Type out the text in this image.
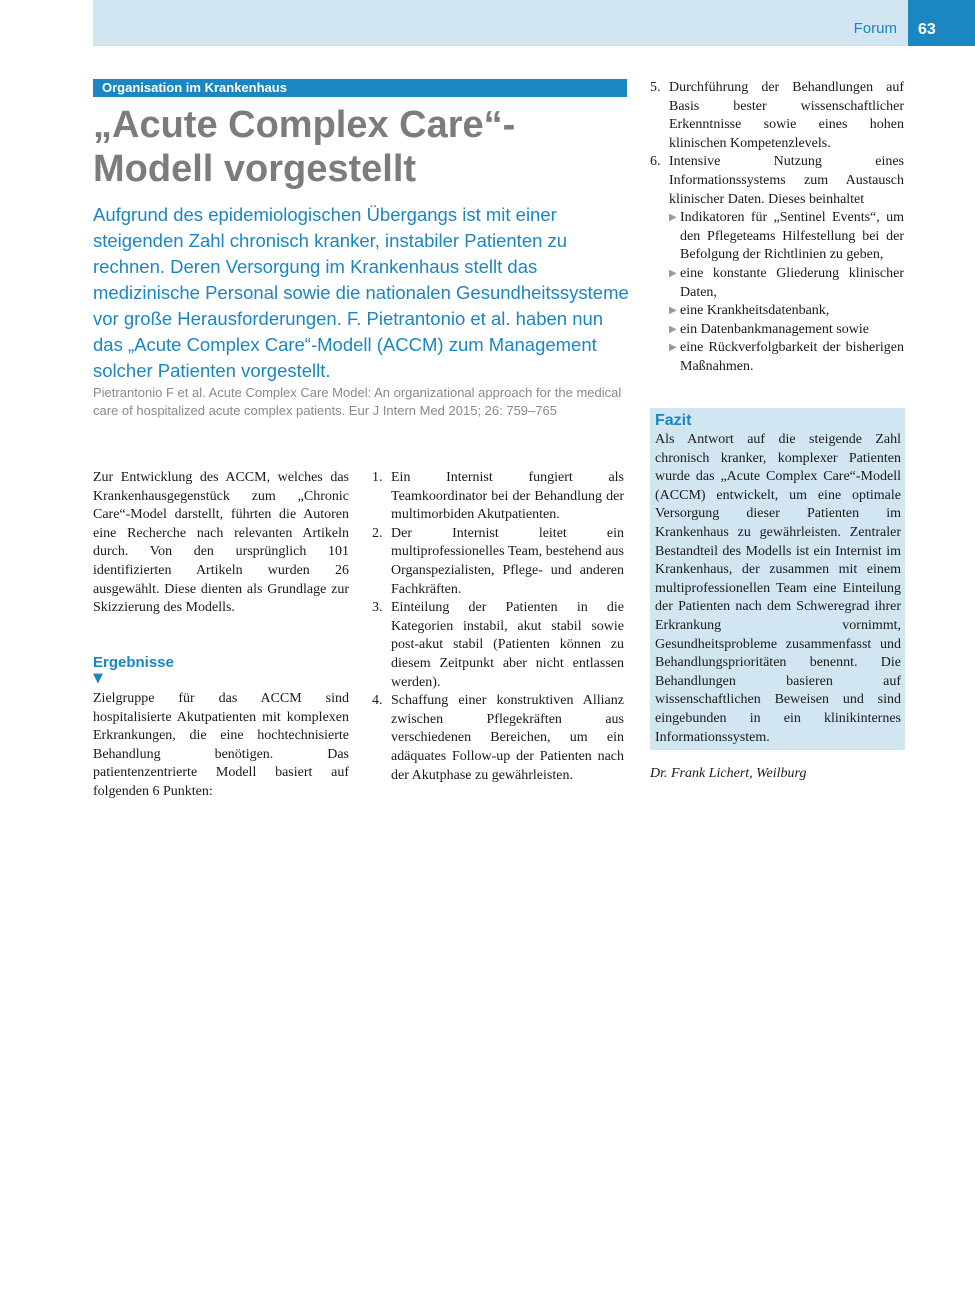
Forum	63
Organisation im Krankenhaus
„Acute Complex Care“-Modell vorgestellt

Aufgrund des epidemiologischen Übergangs ist mit einer steigenden Zahl chronisch kranker, instabiler Patienten zu rechnen. Deren Versorgung im Krankenhaus stellt das medizinische Personal sowie die nationalen Gesundheitssysteme vor große Herausforderungen. F. Pietrantonio et al. haben nun das „Acute Complex Care“-Modell (ACCM) zum Management solcher Patienten vorgestellt.

Pietrantonio F et al. Acute Complex Care Model: An organizational approach for the medical care of hospitalized acute complex patients. Eur J Intern Med 2015; 26: 759–765

Zur Entwicklung des ACCM, welches das Krankenhausgegenstück zum „Chronic Care“-Model darstellt, führten die Autoren eine Recherche nach relevanten Artikeln durch. Von den ursprünglich 101 identifizierten Artikeln wurden 26 ausgewählt. Diese dienten als Grundlage zur Skizzierung des Modells.

Ergebnisse
▼

Zielgruppe für das ACCM sind hospitalisierte Akutpatienten mit komplexen Erkrankungen, die eine hochtechnisierte Behandlung benötigen. Das patientenzentrierte Modell basiert auf folgenden 6 Punkten:

1. Ein Internist fungiert als Teamkoordinator bei der Behandlung der multimorbiden Akutpatienten.
2. Der Internist leitet ein multiprofessionelles Team, bestehend aus Organspezialisten, Pflege- und anderen Fachkräften.
3. Einteilung der Patienten in die Kategorien instabil, akut stabil sowie post-akut stabil (Patienten können zu diesem Zeitpunkt aber nicht entlassen werden).
4. Schaffung einer konstruktiven Allianz zwischen Pflegekräften aus verschiedenen Bereichen, um ein adäquates Follow-up der Patienten nach der Akutphase zu gewährleisten.
5. Durchführung der Behandlungen auf Basis bester wissenschaftlicher Erkenntnisse sowie eines hohen klinischen Kompetenzlevels.
6. Intensive Nutzung eines Informationssystems zum Austausch klinischer Daten. Dieses beinhaltet
▶ Indikatoren für „Sentinel Events“, um den Pflegeteams Hilfestellung bei der Befolgung der Richtlinien zu geben,
▶ eine konstante Gliederung klinischer Daten,
▶ eine Krankheitsdatenbank,
▶ ein Datenbankmanagement sowie
▶ eine Rückverfolgbarkeit der bisherigen Maßnahmen.
Fazit

Als Antwort auf die steigende Zahl chronisch kranker, komplexer Patienten wurde das „Acute Complex Care“-Modell (ACCM) entwickelt, um eine optimale Versorgung dieser Patienten im Krankenhaus zu gewährleisten. Zentraler Bestandteil des Modells ist ein Internist im Krankenhaus, der zusammen mit einem multiprofessionellen Team eine Einteilung der Patienten nach dem Schweregrad ihrer Erkrankung vornimmt, Gesundheitsprobleme zusammenfasst und Behandlungsprioritäten benennt. Die Behandlungen basieren auf wissenschaftlichen Beweisen und sind eingebunden in ein klinikinternes Informationssystem.

Dr. Frank Lichert, Weilburg
